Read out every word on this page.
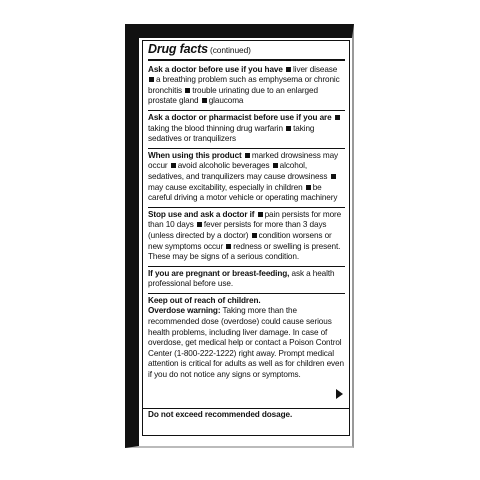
Drug facts (continued)
Ask a doctor before use if you have liver disease a breathing problem such as emphysema or chronic bronchitis trouble urinating due to an enlarged prostate gland glaucoma
Ask a doctor or pharmacist before use if you are taking the blood thinning drug warfarin taking sedatives or tranquilizers
When using this product marked drowsiness may occur avoid alcoholic beverages alcohol, sedatives, and tranquilizers may cause drowsiness may cause excitability, especially in children be careful driving a motor vehicle or operating machinery
Stop use and ask a doctor if pain persists for more than 10 days fever persists for more than 3 days (unless directed by a doctor) condition worsens or new symptoms occur redness or swelling is present. These may be signs of a serious condition.
If you are pregnant or breast-feeding, ask a health professional before use.
Keep out of reach of children.
Overdose warning: Taking more than the recommended dose (overdose) could cause serious health problems, including liver damage. In case of overdose, get medical help or contact a Poison Control Center (1-800-222-1222) right away. Prompt medical attention is critical for adults as well as for children even if you do not notice any signs or symptoms.
Do not exceed recommended dosage.
